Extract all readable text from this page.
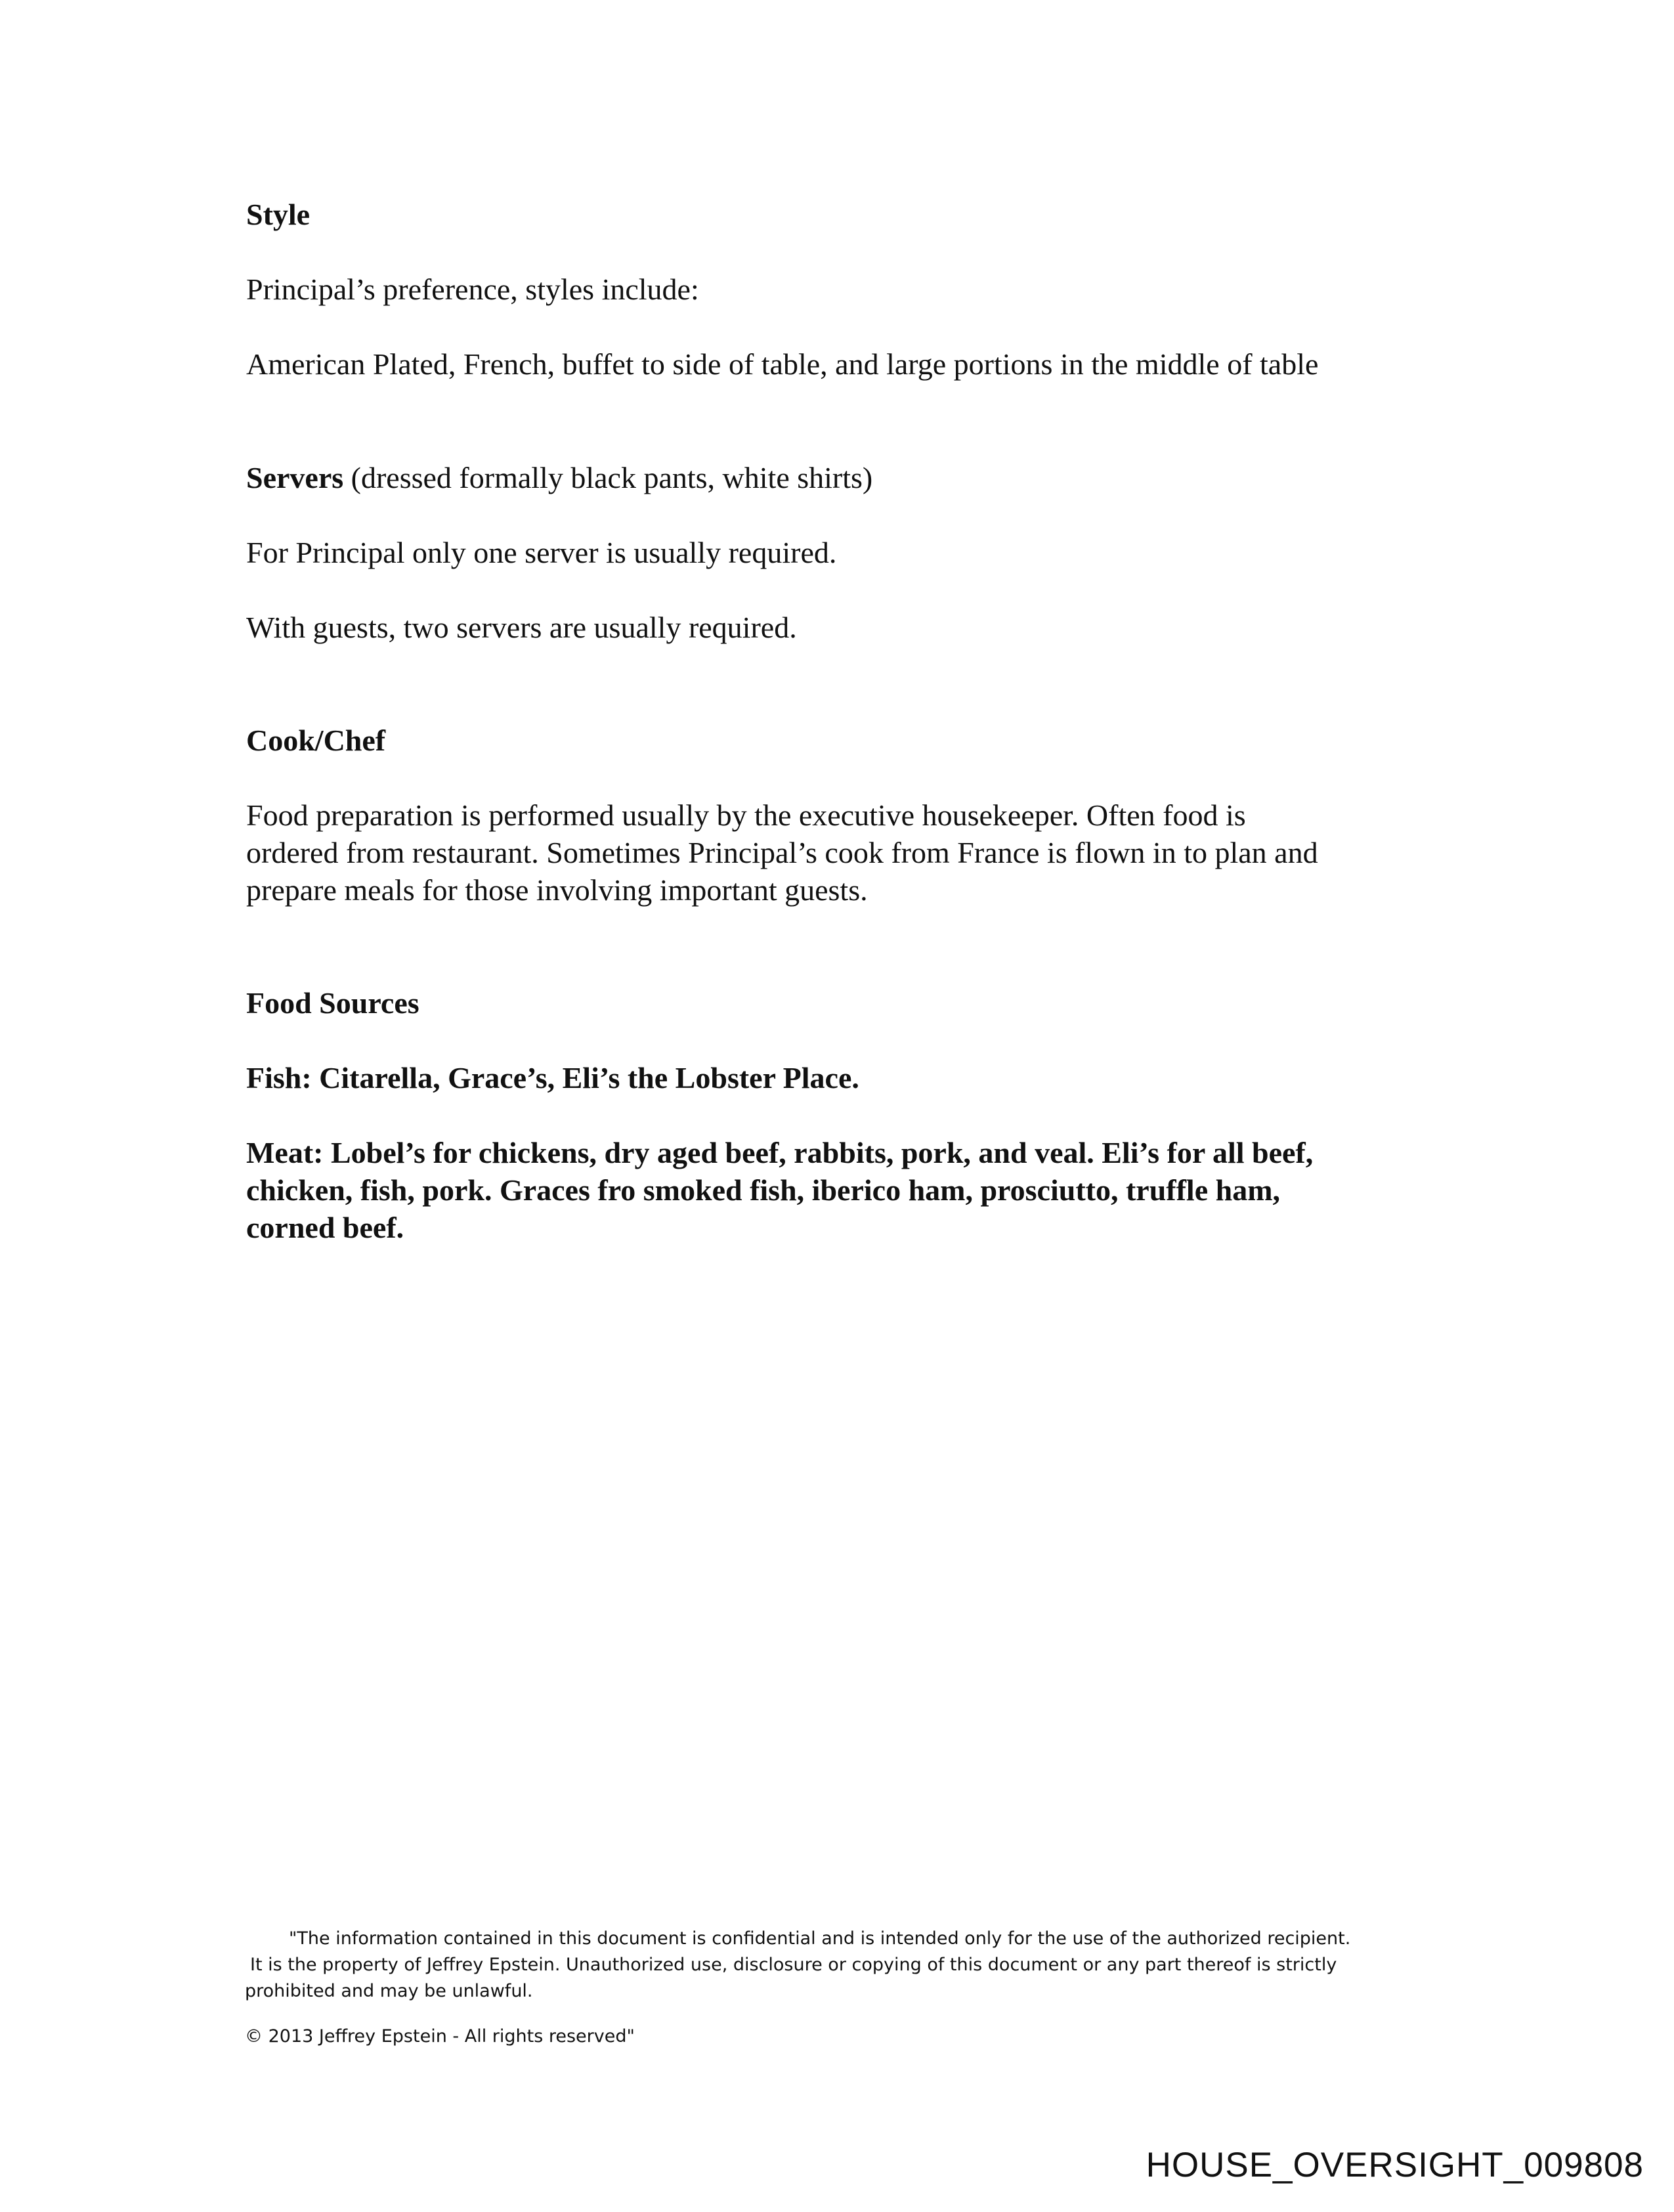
Style
Principal’s preference, styles include:
American Plated, French, buffet to side of table, and large portions in the middle of table
Servers (dressed formally black pants, white shirts)
For Principal only one server is usually required.
With guests, two servers are usually required.
Cook/Chef
Food preparation is performed usually by the executive housekeeper. Often food is
ordered from restaurant. Sometimes Principal’s cook from France is flown in to plan and
prepare meals for those involving important guests.
Food Sources
Fish: Citarella, Grace’s, Eli’s the Lobster Place.
Meat: Lobel’s for chickens, dry aged beef, rabbits, pork, and veal. Eli’s for all beef,
chicken, fish, pork. Graces fro smoked fish, iberico ham, prosciutto, truffle ham,
corned beef.
"The information contained in this document is confidential and is intended only for the use of the authorized recipient.
It is the property of Jeffrey Epstein. Unauthorized use, disclosure or copying of this document or any part thereof is strictly
prohibited and may be unlawful.
© 2013 Jeffrey Epstein - All rights reserved"
HOUSE_OVERSIGHT_009808
